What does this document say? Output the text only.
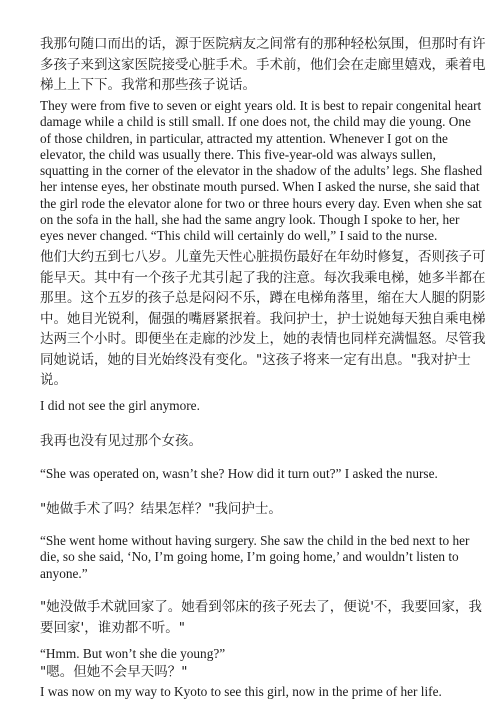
我那句随口而出的话，源于医院病友之间常有的那种轻松氛围，但那时有许
多孩子来到这家医院接受心脏手术。手术前，他们会在走廊里嬉戏，乘着电
梯上上下下。我常和那些孩子说话。

They were from five to seven or eight years old. It is best to repair congenital heart
damage while a child is still small. If one does not, the child may die young. One
of those children, in particular, attracted my attention. Whenever I got on the
elevator, the child was usually there. This five-year-old was always sullen,
squatting in the corner of the elevator in the shadow of the adults’ legs. She flashed
her intense eyes, her obstinate mouth pursed. When I asked the nurse, she said that
the girl rode the elevator alone for two or three hours every day. Even when she sat
on the sofa in the hall, she had the same angry look. Though I spoke to her, her
eyes never changed. “This child will certainly do well,” I said to the nurse.

他们大约五到七八岁。儿童先天性心脏损伤最好在年幼时修复，否则孩子可
能早天。其中有一个孩子尤其引起了我的注意。每次我乘电梯，她多半都在
那里。这个五岁的孩子总是闷闷不乐，蹲在电梯角落里，缩在大人腿的阴影
中。她目光锐利，倔强的嘴唇紧抿着。我问护士，护士说她每天独自乘电梯
达两三个小时。即便坐在走廊的沙发上，她的表情也同样充满愠怒。尽管我
同她说话，她的目光始终没有变化。"这孩子将来一定有出息。"我对护士
说。

I did not see the girl anymore.

我再也没有见过那个女孩。

“She was operated on, wasn’t she? How did it turn out?” I asked the nurse.

"她做手术了吗？结果怎样？"我问护士。

“She went home without having surgery. She saw the child in the bed next to her
die, so she said, ‘No, I’m going home, I’m going home,’ and wouldn’t listen to
anyone.”

"她没做手术就回家了。她看到邻床的孩子死去了，便说'不，我要回家，我
要回家'，谁劝都不听。"

“Hmm. But won’t she die young?”

"嗯。但她不会早天吗？"

I was now on my way to Kyoto to see this girl, now in the prime of her life.
